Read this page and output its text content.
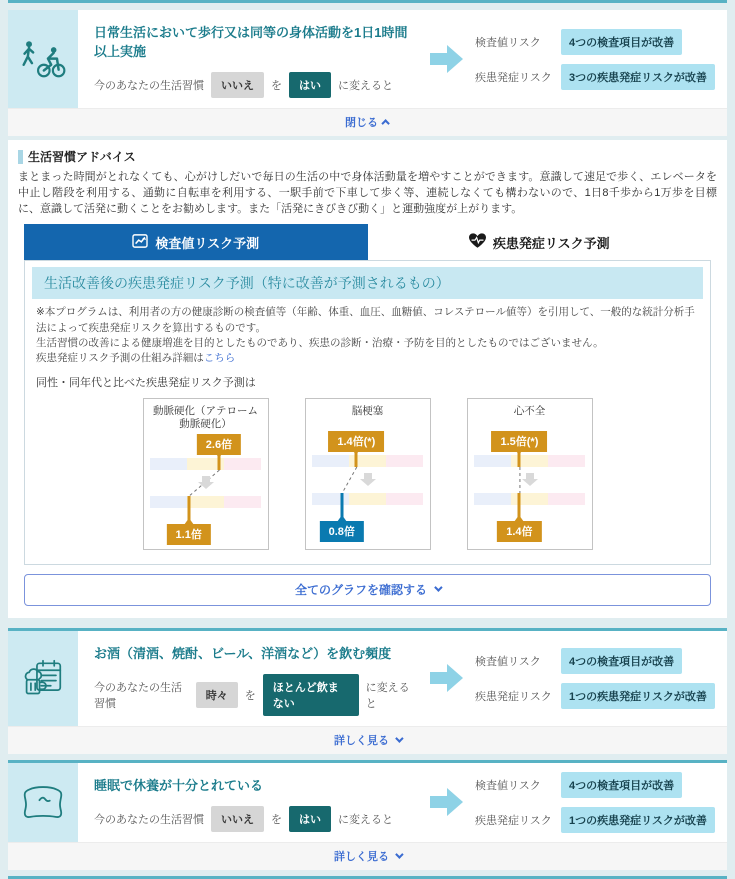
日常生活において歩行又は同等の身体活動を1日1時間以上実施
今のあなたの生活習慣	いいえ	を	はい	に変えると
検査値リスク	4つの検査項目が改善
疾患発症リスク	3つの疾患発症リスクが改善
閉じる
生活習慣アドバイス

まとまった時間がとれなくても、心がけしだいで毎日の生活の中で身体活動量を増やすことができます。意識して速足で歩く、エレベータを中止し階段を利用する、通勤に自転車を利用する、一駅手前で下車して歩く等、連続しなくても構わないので、1日8千歩から1万歩を目標に、意識して活発に動くことをお勧めします。また「活発にきびきび動く」と運動強度が上がります。

検査値リスク予測	疾患発症リスク予測
生活改善後の疾患発症リスク予測（特に改善が予測されるもの）

※本プログラムは、利用者の方の健康診断の検査値等（年齢、体重、血圧、血糖値、コレステロール値等）を引用して、一般的な統計分析手法によって疾患発症リスクを算出するものです。
生活習慣の改善による健康増進を目的としたものであり、疾患の診断・治療・予防を目的としたものではございません。
疾患発症リスク予測の仕組み詳細はこちら

同性・同年代と比べた疾患発症リスク予測は

動脈硬化（アテローム動脈硬化）
2.6倍
1.1倍
脳梗塞
1.4倍(*)
0.8倍
心不全
1.5倍(*)
1.4倍
全てのグラフを確認する
お酒（清酒、焼酎、ビール、洋酒など）を飲む頻度
今のあなたの生活習慣
時々	を
ほとんど飲まない
に変えると
検査値リスク	4つの検査項目が改善
疾患発症リスク	1つの疾患発症リスクが改善
詳しく見る
睡眠で休養が十分とれている
今のあなたの生活習慣	いいえ	を	はい	に変えると
検査値リスク	4つの検査項目が改善
疾患発症リスク	1つの疾患発症リスクが改善
詳しく見る
